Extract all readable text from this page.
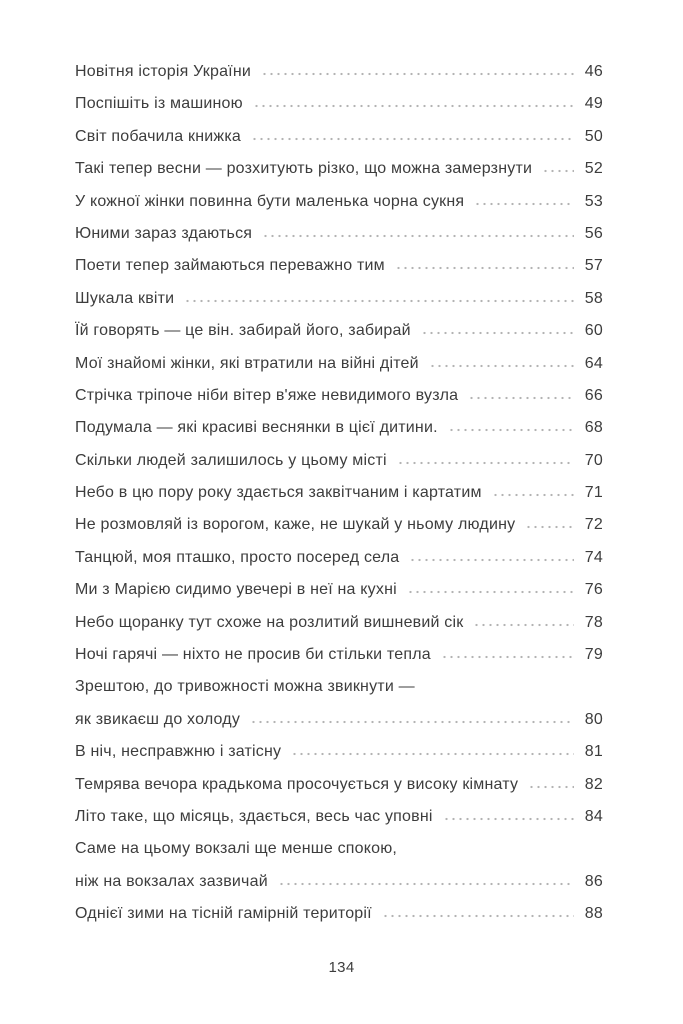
Новітня історія України	46
Поспішіть із машиною	49
Світ побачила книжка	50
Такі тепер весни — розхитують різко, що можна замерзнути	52
У кожної жінки повинна бути маленька чорна сукня	53
Юними зараз здаються	56
Поети тепер займаються переважно тим	57
Шукала квіти	58
Їй говорять — це він. забирай його, забирай	60
Мої знайомі жінки, які втратили на війні дітей	64
Стрічка тріпоче ніби вітер в'яже невидимого вузла	66
Подумала — які красиві веснянки в цієї дитини.	68
Скільки людей залишилось у цьому місті	70
Небо в цю пору року здається заквітчаним і картатим	71
Не розмовляй із ворогом, каже, не шукай у ньому людину	72
Танцюй, моя пташко, просто посеред села	74
Ми з Марією сидимо увечері в неї на кухні	76
Небо щоранку тут схоже на розлитий вишневий сік	78
Ночі гарячі — ніхто не просив би стільки тепла	79
Зрештою, до тривожності можна звикнути —
як звикаєш до холоду	80
В ніч, несправжню і затісну	81
Темрява вечора крадькома просочується у високу кімнату	82
Літо таке, що місяць, здається, весь час уповні	84
Саме на цьому вокзалі ще менше спокою,
ніж на вокзалах зазвичай	86
Однієї зими на тісній гамірній території	88
134
